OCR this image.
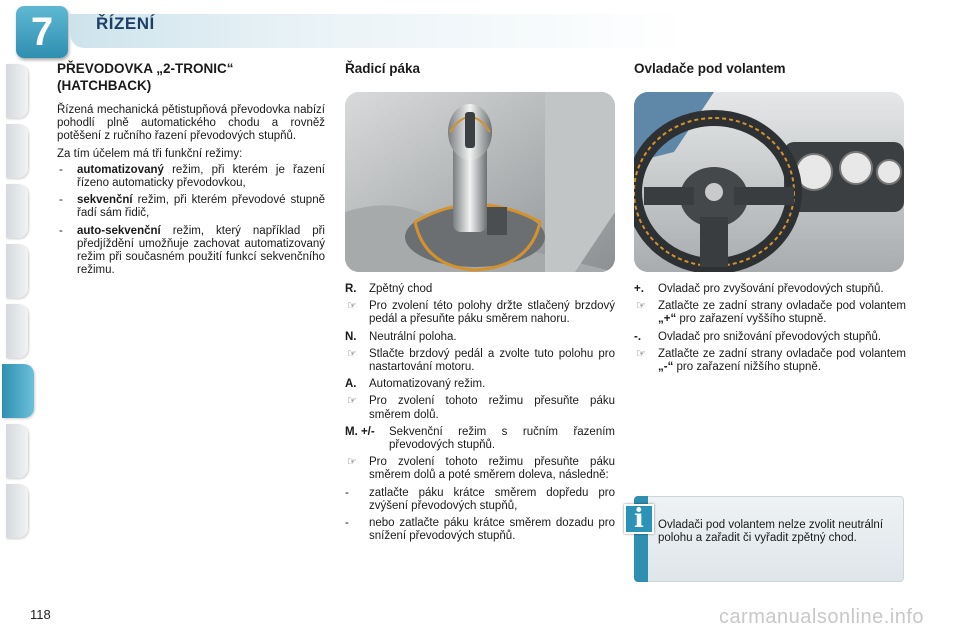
7	ŘÍZENÍ
PŘEVODOVKA „2-TRONIC“ (HATCHBACK)

Řízená mechanická pětistupňová převodovka nabízí pohodlí plně automatického chodu a rovněž potěšení z ručního řazení převodových stupňů.

Za tím účelem má tři funkční režimy:

- automatizovaný režim, při kterém je řazení řízeno automaticky převodovkou,
- sekvenční režim, při kterém převodové stupně řadí sám řidič,
- auto-sekvenční režim, který například při předjíždění umožňuje zachovat automatizovaný režim při současném použití funkcí sekvenčního režimu.
Řadicí páka
R. Zpětný chod
☞ Pro zvolení této polohy držte stlačený brzdový pedál a přesuňte páku směrem nahoru.
N. Neutrální poloha.
☞ Stlačte brzdový pedál a zvolte tuto polohu pro nastartování motoru.
A. Automatizovaný režim.
☞ Pro zvolení tohoto režimu přesuňte páku směrem dolů.
M. +/- Sekvenční režim s ručním řazením převodových stupňů.
☞ Pro zvolení tohoto režimu přesuňte páku směrem dolů a poté směrem doleva, následně:
- zatlačte páku krátce směrem dopředu pro zvýšení převodových stupňů,
- nebo zatlačte páku krátce směrem dozadu pro snížení převodových stupňů.
Ovladače pod volantem
+. Ovladač pro zvyšování převodových stupňů.
☞ Zatlačte ze zadní strany ovladače pod volantem „+“ pro zařazení vyššího stupně.
-. Ovladač pro snižování převodových stupňů.
☞ Zatlačte ze zadní strany ovladače pod volantem „-“ pro zařazení nižšího stupně.
i	Ovladači pod volantem nelze zvolit neutrální polohu a zařadit či vyřadit zpětný chod.
118	carmanualsonline.info
